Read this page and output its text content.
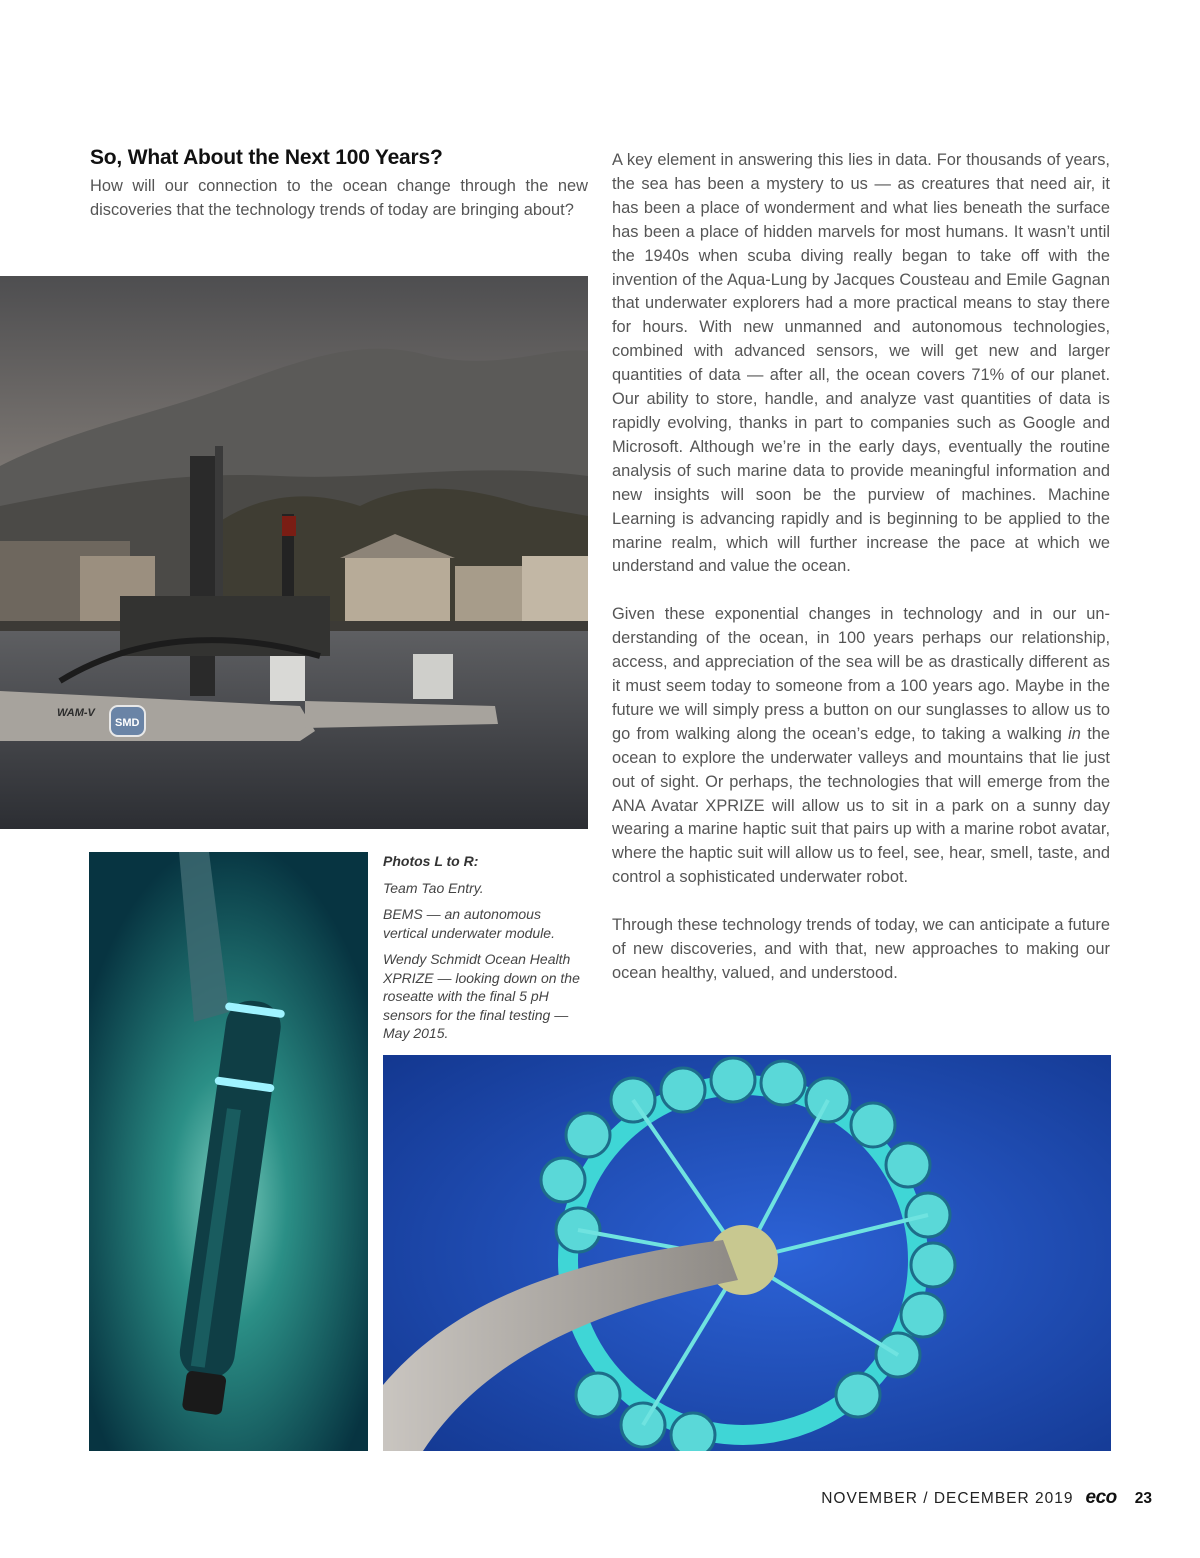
So, What About the Next 100 Years?

How will our connection to the ocean change through the new discoveries that the technology trends of today are bringing about?

A key element in answering this lies in data. For thousands of years, the sea has been a mystery to us — as creatures that need air, it has been a place of wonderment and what lies beneath the surface has been a place of hidden marvels for most humans. It wasn’t until the 1940s when scuba diving really began to take off with the invention of the Aqua-Lung by Jacques Cousteau and Emile Gagnan that underwater explorers had a more practical means to stay there for hours. With new unmanned and autonomous technologies, combined with advanced sensors, we will get new and larger quantities of data — after all, the ocean covers 71% of our planet. Our ability to store, handle, and analyze vast quantities of data is rapidly evolving, thanks in part to companies such as Google and Microsoft. Although we’re in the early days, eventually the routine analysis of such marine data to provide meaningful information and new insights will soon be the purview of machines. Machine Learning is advancing rapidly and is beginning to be applied to the marine realm, which will further increase the pace at which we understand and value the ocean.

Given these exponential changes in technology and in our understanding of the ocean, in 100 years perhaps our relationship, access, and appreciation of the sea will be as drastically different as it must seem today to someone from a 100 years ago. Maybe in the future we will simply press a button on our sunglasses to allow us to go from walking along the ocean’s edge, to taking a walking in the ocean to explore the underwater valleys and mountains that lie just out of sight. Or perhaps, the technologies that will emerge from the ANA Avatar XPRIZE will allow us to sit in a park on a sunny day wearing a marine haptic suit that pairs up with a marine robot avatar, where the haptic suit will allow us to feel, see, hear, smell, taste, and control a sophisticated underwater robot.

Through these technology trends of today, we can anticipate a future of new discoveries, and with that, new approaches to making our ocean healthy, valued, and understood.

WAM-V
SMD

Photos L to R:

Team Tao Entry.

BEMS — an autonomous vertical underwater module.

Wendy Schmidt Ocean Health XPRIZE — looking down on the roseatte with the final 5 pH sensors for the final testing — May 2015.

NOVEMBER / DECEMBER 2019 eco 23
